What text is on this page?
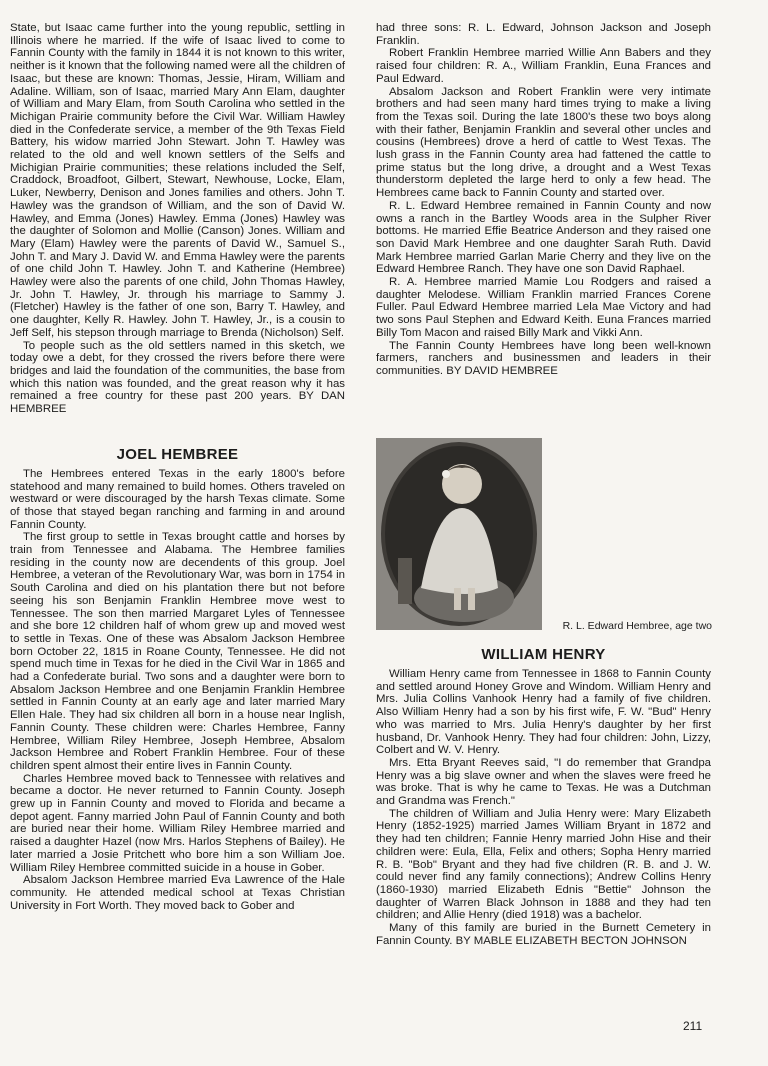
State, but Isaac came further into the young republic, settling in Illinois where he married. If the wife of Isaac lived to come to Fannin County with the family in 1844 it is not known to this writer, neither is it known that the following named were all the children of Isaac, but these are known: Thomas, Jessie, Hiram, William and Adaline. William, son of Isaac, married Mary Ann Elam, daughter of William and Mary Elam, from South Carolina who settled in the Michigan Prairie community before the Civil War. William Hawley died in the Confederate service, a member of the 9th Texas Field Battery, his widow married John Stewart. John T. Hawley was related to the old and well known settlers of the Selfs and Michigian Prairie communities; these relations included the Self, Craddock, Broadfoot, Gilbert, Stewart, Newhouse, Locke, Elam, Luker, Newberry, Denison and Jones families and others. John T. Hawley was the grandson of William, and the son of David W. Hawley, and Emma (Jones) Hawley. Emma (Jones) Hawley was the daughter of Solomon and Mollie (Canson) Jones. William and Mary (Elam) Hawley were the parents of David W., Samuel S., John T. and Mary J. David W. and Emma Hawley were the parents of one child John T. Hawley. John T. and Katherine (Hembree) Hawley were also the parents of one child, John Thomas Hawley, Jr. John T. Hawley, Jr. through his marriage to Sammy J. (Fletcher) Hawley is the father of one son, Barry T. Hawley, and one daughter, Kelly R. Hawley. John T. Hawley, Jr., is a cousin to Jeff Self, his stepson through marriage to Brenda (Nicholson) Self.

To people such as the old settlers named in this sketch, we today owe a debt, for they crossed the rivers before there were bridges and laid the foundation of the communities, the base from which this nation was founded, and the great reason why it has remained a free country for these past 200 years. BY DAN HEMBREE

JOEL HEMBREE

The Hembrees entered Texas in the early 1800's before statehood and many remained to build homes. Others traveled on westward or were discouraged by the harsh Texas climate. Some of those that stayed began ranching and farming in and around Fannin County.

The first group to settle in Texas brought cattle and horses by train from Tennessee and Alabama. The Hembree families residing in the county now are decendents of this group. Joel Hembree, a veteran of the Revolutionary War, was born in 1754 in South Carolina and died on his plantation there but not before seeing his son Benjamin Franklin Hembree move west to Tennessee. The son then married Margaret Lyles of Tennessee and she bore 12 children half of whom grew up and moved west to settle in Texas. One of these was Absalom Jackson Hembree born October 22, 1815 in Roane County, Tennessee. He did not spend much time in Texas for he died in the Civil War in 1865 and had a Confederate burial. Two sons and a daughter were born to Absalom Jackson Hembree and one Benjamin Franklin Hembree settled in Fannin County at an early age and later married Mary Ellen Hale. They had six children all born in a house near Inglish, Fannin County. These children were: Charles Hembree, Fanny Hembree, William Riley Hembree, Joseph Hembree, Absalom Jackson Hembree and Robert Franklin Hembree. Four of these children spent almost their entire lives in Fannin County.

Charles Hembree moved back to Tennessee with relatives and became a doctor. He never returned to Fannin County. Joseph grew up in Fannin County and moved to Florida and became a depot agent. Fanny married John Paul of Fannin County and both are buried near their home. William Riley Hembree married and raised a daughter Hazel (now Mrs. Harlos Stephens of Bailey). He later married a Josie Pritchett who bore him a son William Joe. William Riley Hembree committed suicide in a house in Gober.

Absalom Jackson Hembree married Eva Lawrence of the Hale community. He attended medical school at Texas Christian University in Fort Worth. They moved back to Gober and

had three sons: R. L. Edward, Johnson Jackson and Joseph Franklin.

Robert Franklin Hembree married Willie Ann Babers and they raised four children: R. A., William Franklin, Euna Frances and Paul Edward.

Absalom Jackson and Robert Franklin were very intimate brothers and had seen many hard times trying to make a living from the Texas soil. During the late 1800's these two boys along with their father, Benjamin Franklin and several other uncles and cousins (Hembrees) drove a herd of cattle to West Texas. The lush grass in the Fannin County area had fattened the cattle to prime status but the long drive, a drought and a West Texas thunderstorm depleted the large herd to only a few head. The Hembrees came back to Fannin County and started over.

R. L. Edward Hembree remained in Fannin County and now owns a ranch in the Bartley Woods area in the Sulpher River bottoms. He married Effie Beatrice Anderson and they raised one son David Mark Hembree and one daughter Sarah Ruth. David Mark Hembree married Garlan Marie Cherry and they live on the Edward Hembree Ranch. They have one son David Raphael.

R. A. Hembree married Mamie Lou Rodgers and raised a daughter Melodese. William Franklin married Frances Corene Fuller. Paul Edward Hembree married Lela Mae Victory and had two sons Paul Stephen and Edward Keith. Euna Frances married Billy Tom Macon and raised Billy Mark and Vikki Ann.

The Fannin County Hembrees have long been well-known farmers, ranchers and businessmen and leaders in their communities. BY DAVID HEMBREE

WILLIAM HENRY

William Henry came from Tennessee in 1868 to Fannin County and settled around Honey Grove and Windom. William Henry and Mrs. Julia Collins Vanhook Henry had a family of five children. Also William Henry had a son by his first wife, F. W. "Bud" Henry who was married to Mrs. Julia Henry's daughter by her first husband, Dr. Vanhook Henry. They had four children: John, Lizzy, Colbert and W. V. Henry.

Mrs. Etta Bryant Reeves said, "I do remember that Grandpa Henry was a big slave owner and when the slaves were freed he was broke. That is why he came to Texas. He was a Dutchman and Grandma was French."

The children of William and Julia Henry were: Mary Elizabeth Henry (1852-1925) married James William Bryant in 1872 and they had ten children; Fannie Henry married John Hise and their children were: Eula, Ella, Felix and others; Sopha Henry married R. B. "Bob" Bryant and they had five children (R. B. and J. W. could never find any family connections); Andrew Collins Henry (1860-1930) married Elizabeth Ednis "Bettie" Johnson the daughter of Warren Black Johnson in 1888 and they had ten children; and Allie Henry (died 1918) was a bachelor.

Many of this family are buried in the Burnett Cemetery in Fannin County. BY MABLE ELIZABETH BECTON JOHNSON

R. L. Edward Hembree, age two
211
